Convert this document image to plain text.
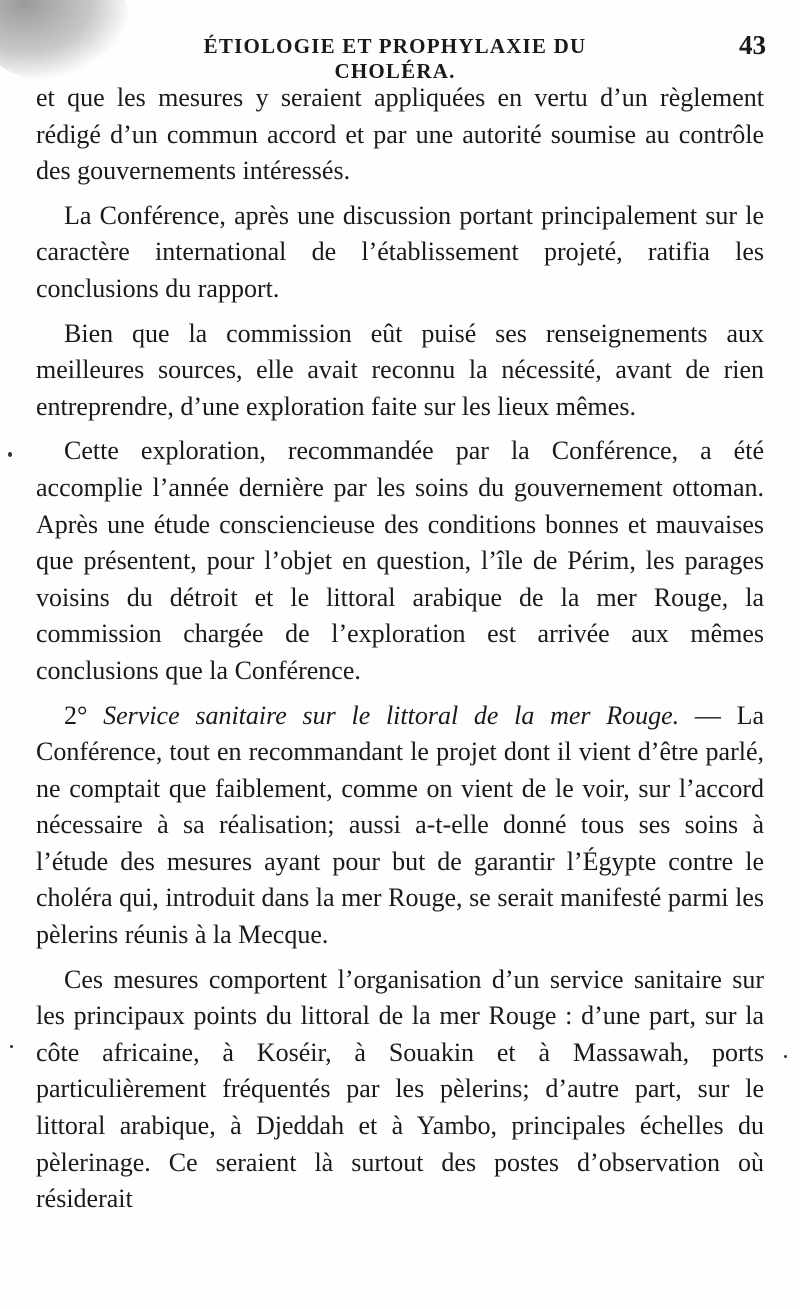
ÉTIOLOGIE ET PROPHYLAXIE DU CHOLÉRA.
43

et que les mesures y seraient appliquées en vertu d’un règlement rédigé d’un commun accord et par une autorité soumise au contrôle des gouvernements intéressés.

La Conférence, après une discussion portant principalement sur le caractère international de l’établissement projeté, ratifia les conclusions du rapport.

Bien que la commission eût puisé ses renseignements aux meilleures sources, elle avait reconnu la nécessité, avant de rien entreprendre, d’une exploration faite sur les lieux mêmes.

Cette exploration, recommandée par la Conférence, a été accomplie l’année dernière par les soins du gouvernement ottoman. Après une étude consciencieuse des conditions bonnes et mauvaises que présentent, pour l’objet en question, l’île de Périm, les parages voisins du détroit et le littoral arabique de la mer Rouge, la commission chargée de l’exploration est arrivée aux mêmes conclusions que la Conférence.

2° Service sanitaire sur le littoral de la mer Rouge. — La Conférence, tout en recommandant le projet dont il vient d’être parlé, ne comptait que faiblement, comme on vient de le voir, sur l’accord nécessaire à sa réalisation; aussi a-t-elle donné tous ses soins à l’étude des mesures ayant pour but de garantir l’Égypte contre le choléra qui, introduit dans la mer Rouge, se serait manifesté parmi les pèlerins réunis à la Mecque.

Ces mesures comportent l’organisation d’un service sanitaire sur les principaux points du littoral de la mer Rouge : d’une part, sur la côte africaine, à Koséir, à Souakin et à Massawah, ports particulièrement fréquentés par les pèlerins; d’autre part, sur le littoral arabique, à Djeddah et à Yambo, principales échelles du pèlerinage. Ce seraient là surtout des postes d’observation où résiderait
